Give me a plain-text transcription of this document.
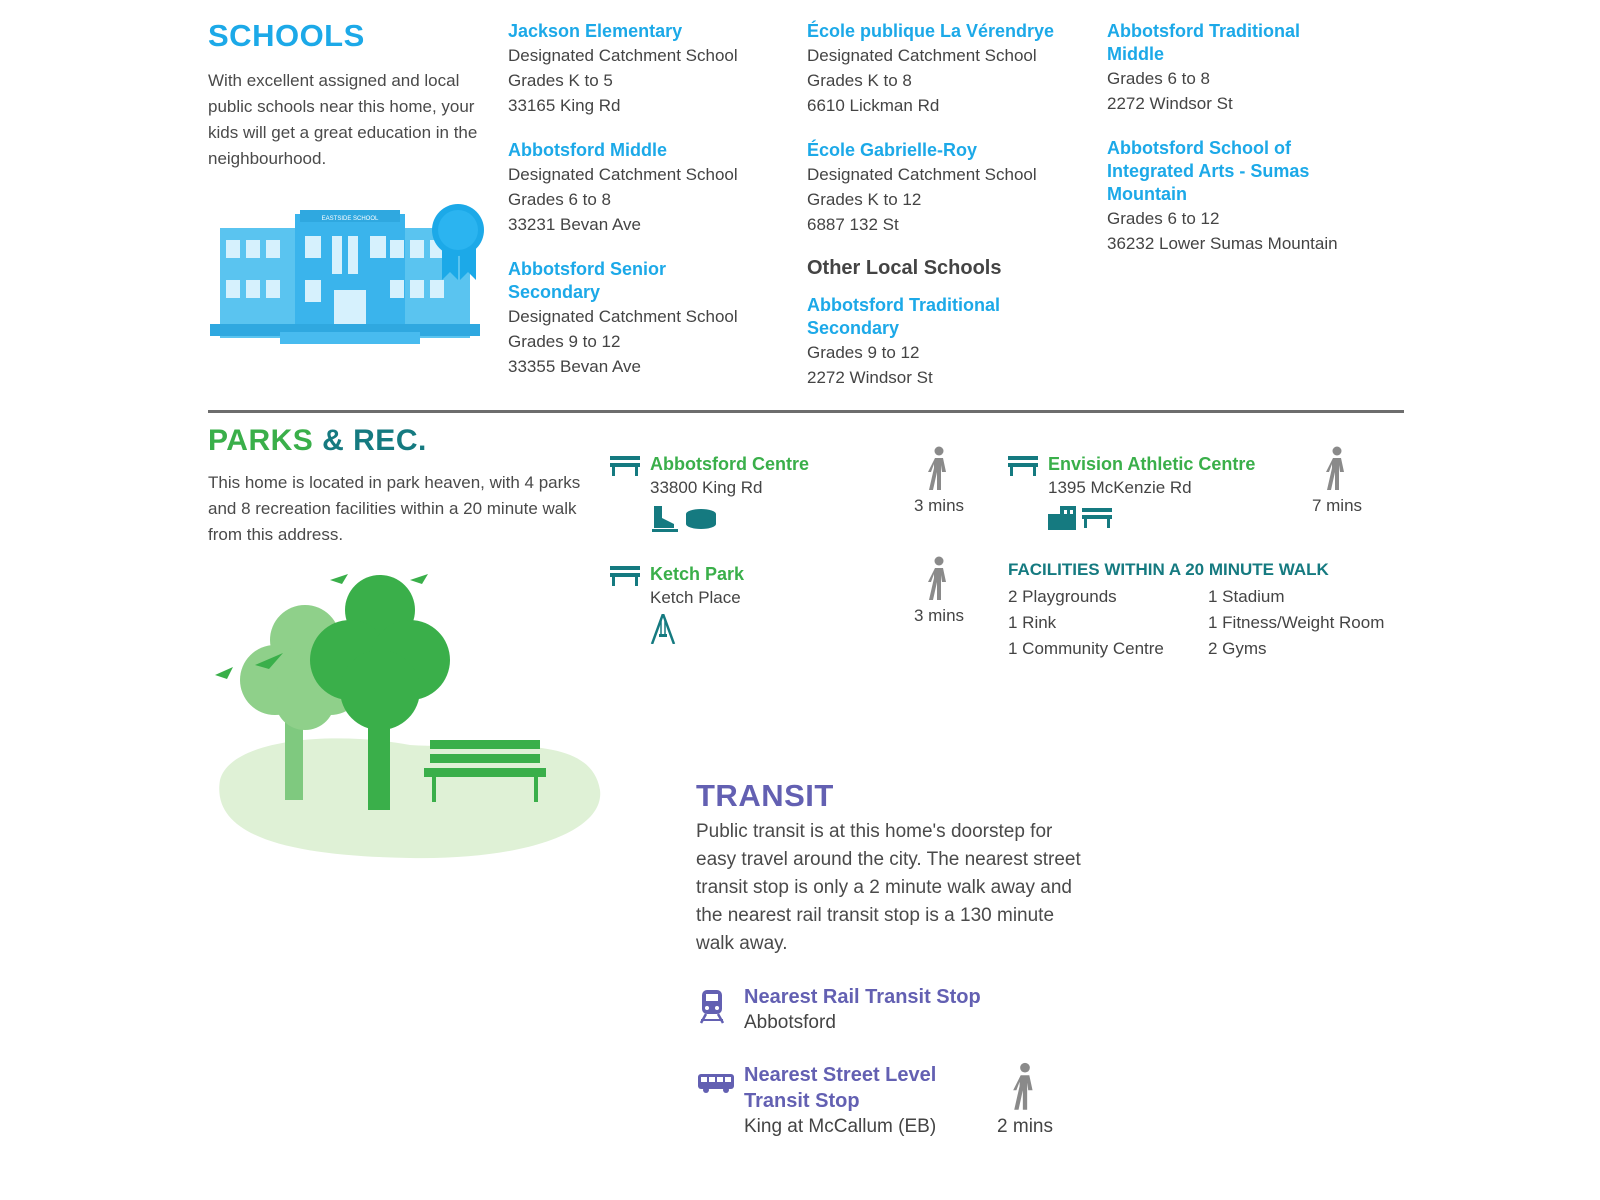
SCHOOLS

With excellent assigned and local public schools near this home, your kids will get a great education in the neighbourhood.

EASTSIDE SCHOOL
Jackson Elementary
Designated Catchment School
Grades K to 5
33165 King Rd
Abbotsford Middle
Designated Catchment School
Grades 6 to 8
33231 Bevan Ave
Abbotsford Senior Secondary
Designated Catchment School
Grades 9 to 12
33355 Bevan Ave
École publique La Vérendrye
Designated Catchment School
Grades K to 8
6610 Lickman Rd
École Gabrielle-Roy
Designated Catchment School
Grades K to 12
6887 132 St
Other Local Schools
Abbotsford Traditional Secondary
Grades 9 to 12
2272 Windsor St
Abbotsford Traditional Middle
Grades 6 to 8
2272 Windsor St
Abbotsford School of Integrated Arts - Sumas Mountain
Grades 6 to 12
36232 Lower Sumas Mountain
PARKS & REC.

This home is located in park heaven, with 4 parks and 8 recreation facilities within a 20 minute walk from this address.

Abbotsford Centre
33800 King Rd

3 mins
Ketch Park
Ketch Place
3 mins
Envision Athletic Centre
1395 McKenzie Rd

7 mins
FACILITIES WITHIN A 20 MINUTE WALK
2 Playgrounds
1 Rink
1 Community Centre
1 Stadium
1 Fitness/Weight Room
2 Gyms
TRANSIT

Public transit is at this home's doorstep for easy travel around the city. The nearest street transit stop is only a 2 minute walk away and the nearest rail transit stop is a 130 minute walk away.

Nearest Rail Transit Stop
Abbotsford
Nearest Street Level Transit Stop
King at McCallum (EB)	2 mins
